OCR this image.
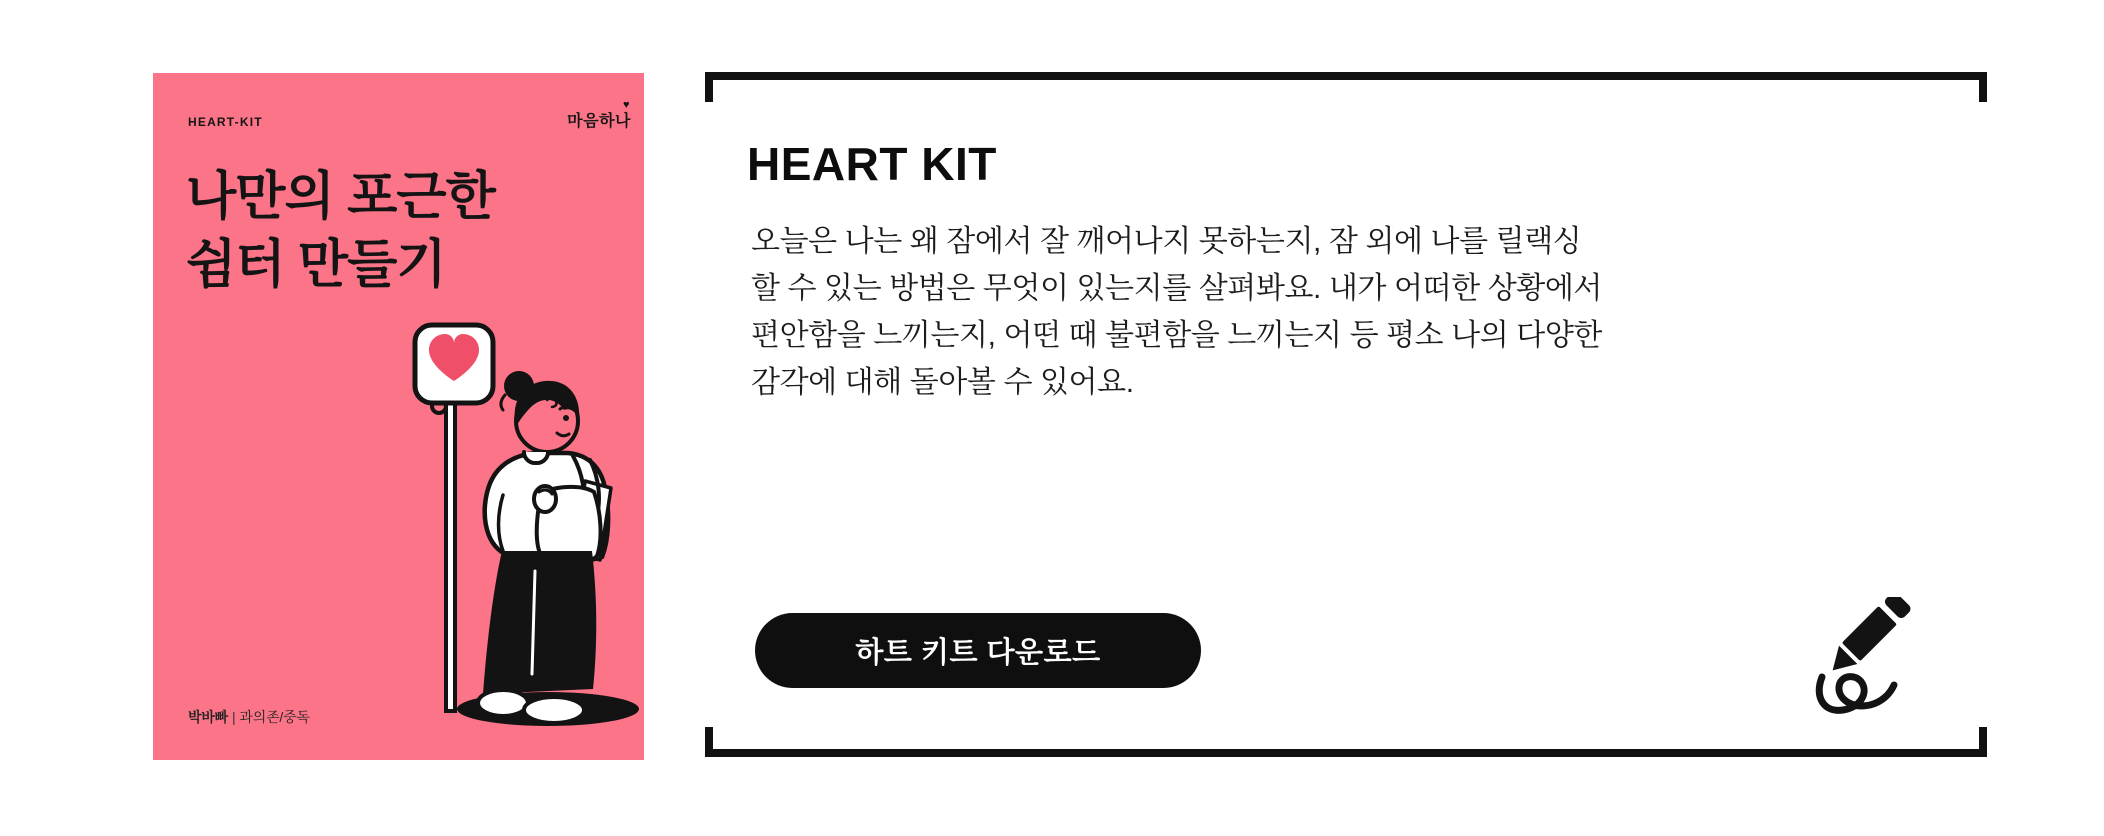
HEART-KIT	마음하나
♥
나만의 포근한
쉼터 만들기
박바빠 | 과의존/중독
HEART KIT
오늘은 나는 왜 잠에서 잘 깨어나지 못하는지, 잠 외에 나를 릴랙싱
할 수 있는 방법은 무엇이 있는지를 살펴봐요. 내가 어떠한 상황에서
편안함을 느끼는지, 어떤 때 불편함을 느끼는지 등 평소 나의 다양한
감각에 대해 돌아볼 수 있어요.
하트 키트 다운로드
